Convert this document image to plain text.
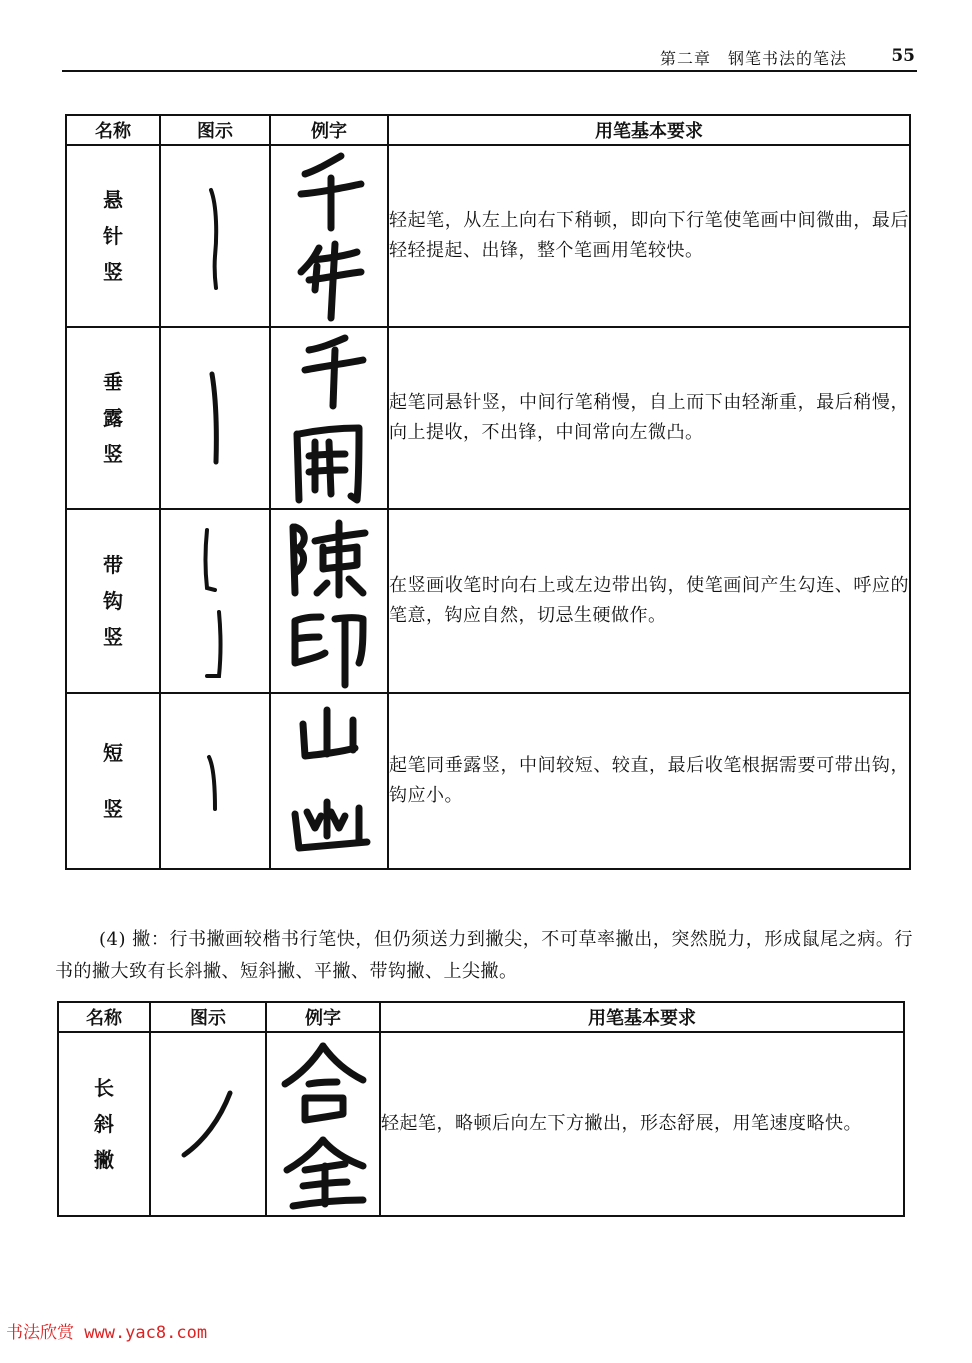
第二章　钢笔书法的笔法	55
名称	图示	例字	用笔基本要求

悬
针
竖			轻起笔，从左上向右下稍顿，即向下行笔使笔画中间微曲，最后轻轻提起、出锋，整个笔画用笔较快。

垂
露
竖			起笔同悬针竖，中间行笔稍慢，自上而下由轻渐重，最后稍慢，向上提收，不出锋，中间常向左微凸。

带
钩
竖			在竖画收笔时向右上或左边带出钩，使笔画间产生勾连、呼应的笔意，钩应自然，切忌生硬做作。

短
竖			起笔同垂露竖，中间较短、较直，最后收笔根据需要可带出钩，钩应小。

(4) 撇：行书撇画较楷书行笔快，但仍须送力到撇尖，不可草率撇出，突然脱力，形成鼠尾之病。行书的撇大致有长斜撇、短斜撇、平撇、带钩撇、上尖撇。

名称	图示	例字	用笔基本要求

长
斜
撇			轻起笔，略顿后向左下方撇出，形态舒展，用笔速度略快。
书法欣赏 www.yac8.com
